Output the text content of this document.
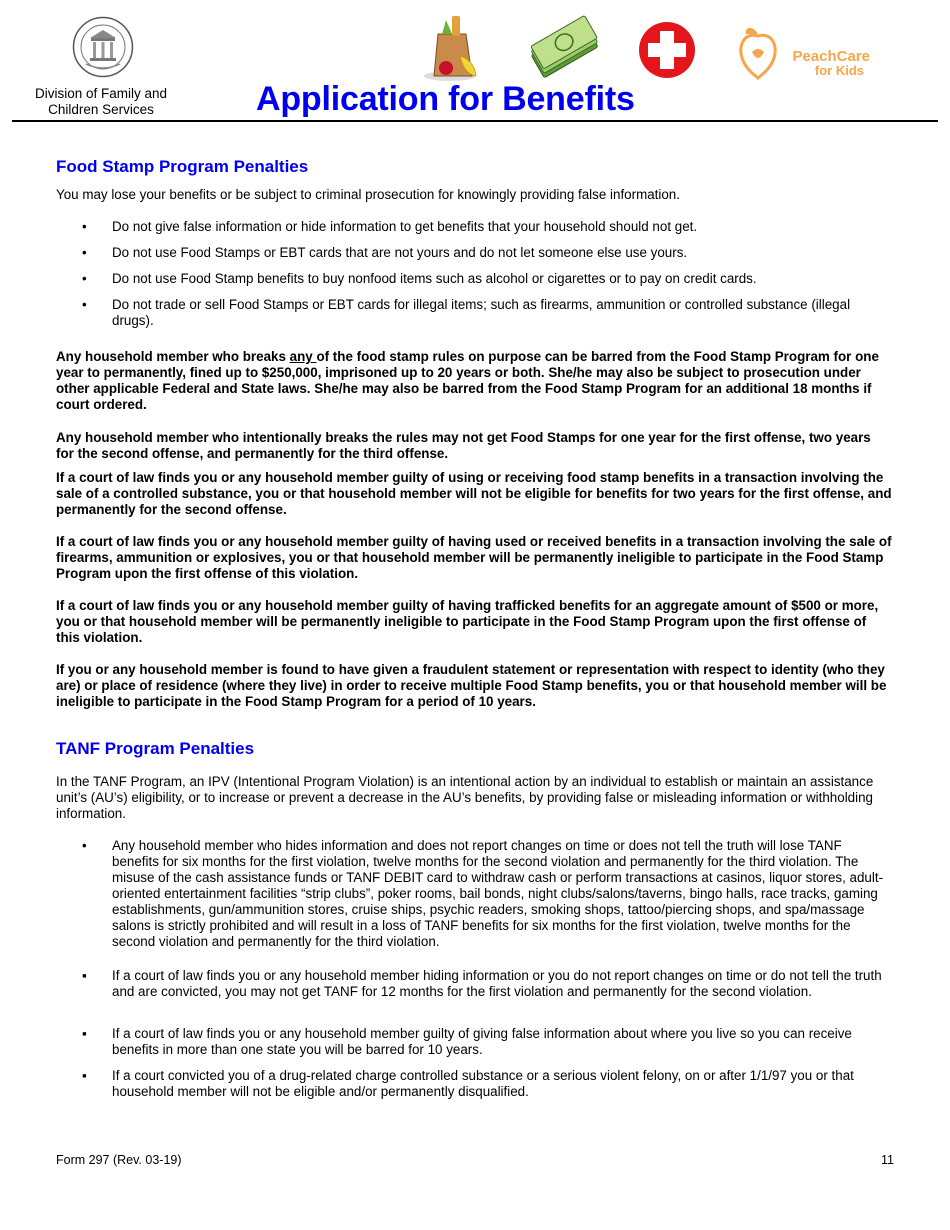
Division of Family and
Children Services
PeachCare
for Kids
Application for Benefits
Food Stamp Program Penalties

You may lose your benefits or be subject to criminal prosecution for knowingly providing false information.

• Do not give false information or hide information to get benefits that your household should not get.
• Do not use Food Stamps or EBT cards that are not yours and do not let someone else use yours.
• Do not use Food Stamp benefits to buy nonfood items such as alcohol or cigarettes or to pay on credit cards.
• Do not trade or sell Food Stamps or EBT cards for illegal items; such as firearms, ammunition or controlled substance (illegal drugs).

Any household member who breaks any of the food stamp rules on purpose can be barred from the Food Stamp Program for one year to permanently, fined up to $250,000, imprisoned up to 20 years or both. She/he may also be subject to prosecution under other applicable Federal and State laws. She/he may also be barred from the Food Stamp Program for an additional 18 months if court ordered.

Any household member who intentionally breaks the rules may not get Food Stamps for one year for the first offense, two years for the second offense, and permanently for the third offense.

If a court of law finds you or any household member guilty of using or receiving food stamp benefits in a transaction involving the sale of a controlled substance, you or that household member will not be eligible for benefits for two years for the first offense, and permanently for the second offense.

If a court of law finds you or any household member guilty of having used or received benefits in a transaction involving the sale of firearms, ammunition or explosives, you or that household member will be permanently ineligible to participate in the Food Stamp Program upon the first offense of this violation.

If a court of law finds you or any household member guilty of having trafficked benefits for an aggregate amount of $500 or more, you or that household member will be permanently ineligible to participate in the Food Stamp Program upon the first offense of this violation.

If you or any household member is found to have given a fraudulent statement or representation with respect to identity (who they are) or place of residence (where they live) in order to receive multiple Food Stamp benefits, you or that household member will be ineligible to participate in the Food Stamp Program for a period of 10 years.

TANF Program Penalties

In the TANF Program, an IPV (Intentional Program Violation) is an intentional action by an individual to establish or maintain an assistance unit’s (AU’s) eligibility, or to increase or prevent a decrease in the AU’s benefits, by providing false or misleading information or withholding information.

• Any household member who hides information and does not report changes on time or does not tell the truth will lose TANF benefits for six months for the first violation, twelve months for the second violation and permanently for the third violation. The misuse of the cash assistance funds or TANF DEBIT card to withdraw cash or perform transactions at casinos, liquor stores, adult-oriented entertainment facilities “strip clubs”, poker rooms, bail bonds, night clubs/salons/taverns, bingo halls, race tracks, gaming establishments, gun/ammunition stores, cruise ships, psychic readers, smoking shops, tattoo/piercing shops, and spa/massage salons is strictly prohibited and will result in a loss of TANF benefits for six months for the first violation, twelve months for the second violation and permanently for the third violation.
▪ If a court of law finds you or any household member hiding information or you do not report changes on time or do not tell the truth and are convicted, you may not get TANF for 12 months for the first violation and permanently for the second violation.
▪ If a court of law finds you or any household member guilty of giving false information about where you live so you can receive benefits in more than one state you will be barred for 10 years.
▪ If a court convicted you of a drug-related charge controlled substance or a serious violent felony, on or after 1/1/97 you or that household member will not be eligible and/or permanently disqualified.
Form 297 (Rev. 03-19)	11
